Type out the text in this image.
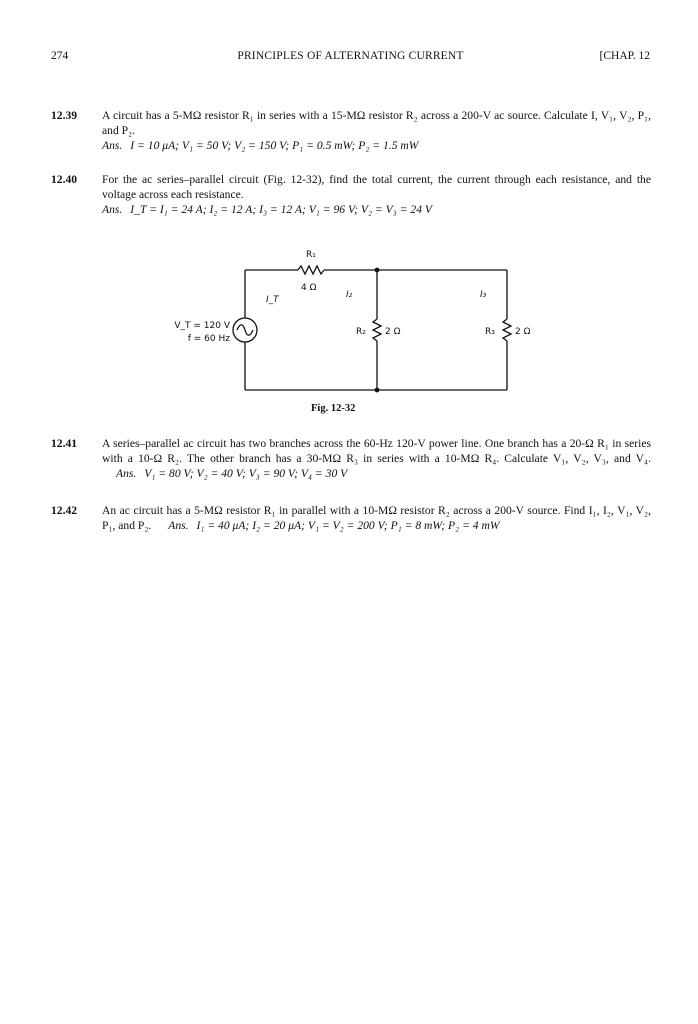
274	PRINCIPLES OF ALTERNATING CURRENT	[CHAP. 12
12.39 A circuit has a 5-MΩ resistor R₁ in series with a 15-MΩ resistor R₂ across a 200-V ac source. Calculate I, V₁, V₂, P₁, and P₂.
Ans. I = 10 μA; V₁ = 50 V; V₂ = 150 V; P₁ = 0.5 mW; P₂ = 1.5 mW
12.40 For the ac series–parallel circuit (Fig. 12-32), find the total current, the current through each resistance, and the voltage across each resistance.
Ans. I_T = I₁ = 24 A; I₂ = 12 A; I₃ = 12 A; V₁ = 96 V; V₂ = V₃ = 24 V
R₁
4 Ω
I_T	I₂	I₃
R₂ 2 Ω	R₃ 2 Ω
V_T = 120 V
f = 60 Hz
Fig. 12-32
12.41 A series–parallel ac circuit has two branches across the 60-Hz 120-V power line. One branch has a 20-Ω R₁ in series with a 10-Ω R₂. The other branch has a 30-MΩ R₃ in series with a 10-MΩ R₄. Calculate V₁, V₂, V₃, and V₄. Ans. V₁ = 80 V; V₂ = 40 V; V₃ = 90 V; V₄ = 30 V
12.42 An ac circuit has a 5-MΩ resistor R₁ in parallel with a 10-MΩ resistor R₂ across a 200-V source. Find I₁, I₂, V₁, V₂, P₁, and P₂. Ans. I₁ = 40 μA; I₂ = 20 μA; V₁ = V₂ = 200 V; P₁ = 8 mW; P₂ = 4 mW
